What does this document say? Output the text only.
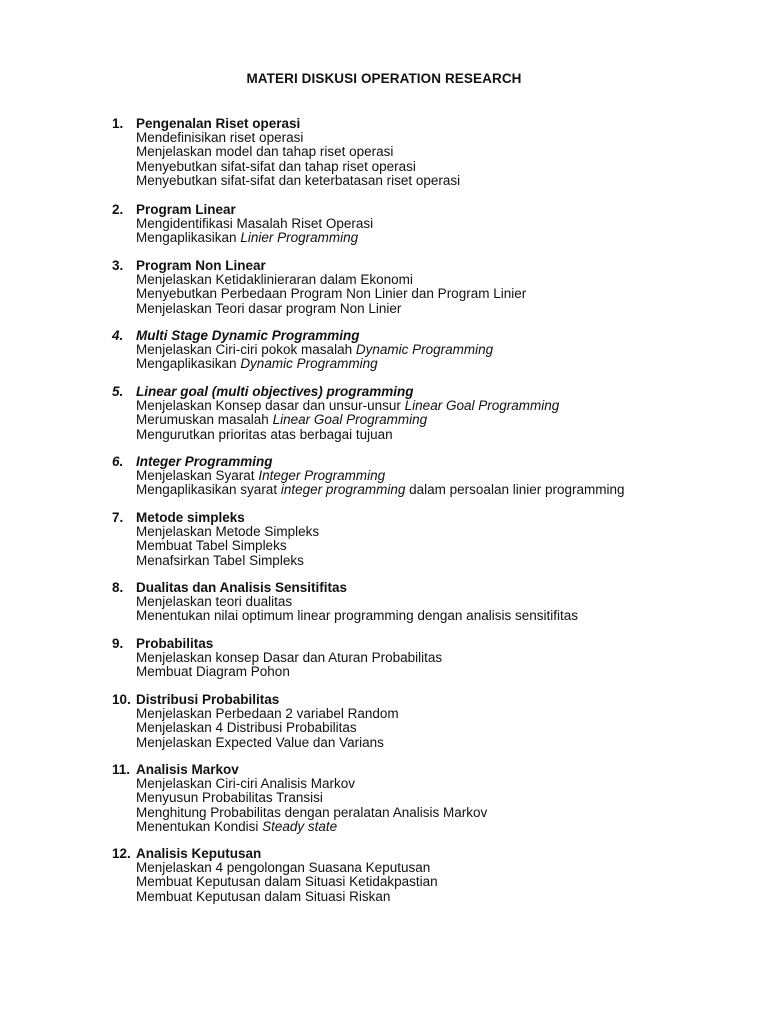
MATERI DISKUSI OPERATION RESEARCH
1. Pengenalan Riset operasi
Mendefinisikan riset operasi
Menjelaskan model dan tahap riset operasi
Menyebutkan sifat-sifat dan tahap riset operasi
Menyebutkan sifat-sifat dan keterbatasan riset operasi
2. Program Linear
Mengidentifikasi Masalah Riset Operasi
Mengaplikasikan Linier Programming
3. Program Non Linear
Menjelaskan Ketidaklinieraran dalam Ekonomi
Menyebutkan Perbedaan Program Non Linier dan Program Linier
Menjelaskan Teori dasar program Non Linier
4. Multi Stage Dynamic Programming
Menjelaskan Ciri-ciri pokok masalah Dynamic Programming
Mengaplikasikan Dynamic Programming
5. Linear goal (multi objectives) programming
Menjelaskan Konsep dasar dan unsur-unsur Linear Goal Programming
Merumuskan masalah Linear Goal Programming
Mengurutkan prioritas atas berbagai tujuan
6. Integer Programming
Menjelaskan Syarat Integer Programming
Mengaplikasikan syarat integer programming dalam persoalan linier programming
7. Metode simpleks
Menjelaskan Metode Simpleks
Membuat Tabel Simpleks
Menafsirkan Tabel Simpleks
8. Dualitas dan Analisis Sensitifitas
Menjelaskan teori dualitas
Menentukan nilai optimum linear programming dengan analisis sensitifitas
9. Probabilitas
Menjelaskan konsep Dasar dan Aturan Probabilitas
Membuat Diagram Pohon
10. Distribusi Probabilitas
Menjelaskan Perbedaan 2 variabel Random
Menjelaskan 4 Distribusi Probabilitas
Menjelaskan Expected Value dan Varians
11. Analisis Markov
Menjelaskan Ciri-ciri Analisis Markov
Menyusun Probabilitas Transisi
Menghitung Probabilitas dengan peralatan Analisis Markov
Menentukan Kondisi Steady state
12. Analisis Keputusan
Menjelaskan 4 pengolongan Suasana Keputusan
Membuat Keputusan dalam Situasi Ketidakpastian
Membuat Keputusan dalam Situasi Riskan
